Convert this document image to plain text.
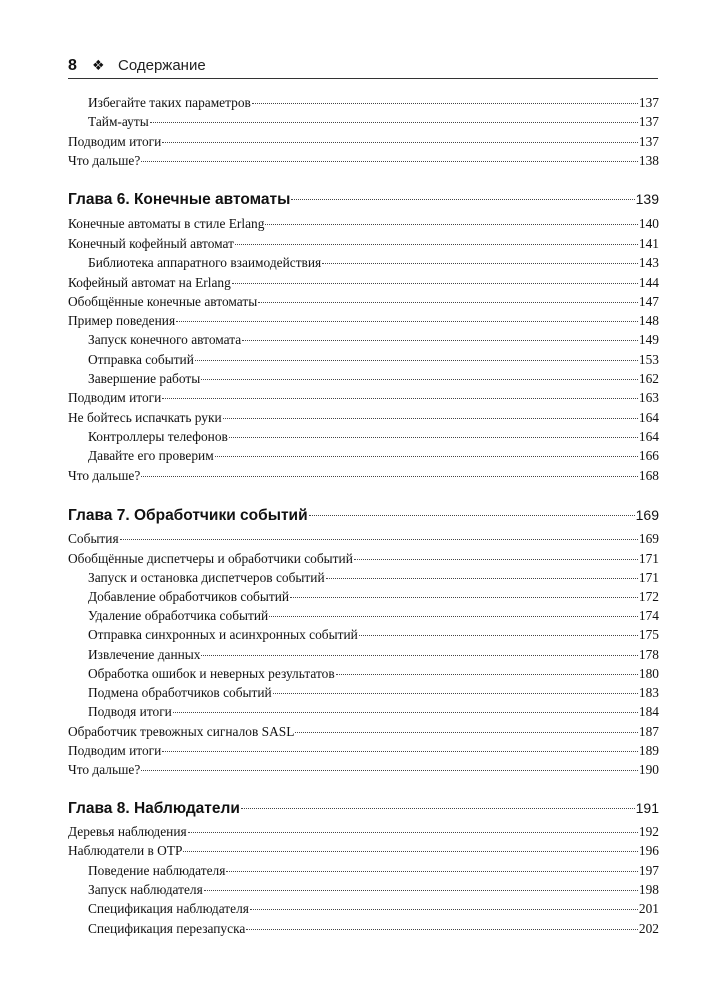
8 ❖ Содержание
Избегайте таких параметров	137
Тайм-ауты	137
Подводим итоги	137
Что дальше?	138
Глава 6. Конечные автоматы	139
Конечные автоматы в стиле Erlang	140
Конечный кофейный автомат	141
Библиотека аппаратного взаимодействия	143
Кофейный автомат на Erlang	144
Обобщённые конечные автоматы	147
Пример поведения	148
Запуск конечного автомата	149
Отправка событий	153
Завершение работы	162
Подводим итоги	163
Не бойтесь испачкать руки	164
Контроллеры телефонов	164
Давайте его проверим	166
Что дальше?	168
Глава 7. Обработчики событий	169
События	169
Обобщённые диспетчеры и обработчики событий	171
Запуск и остановка диспетчеров событий	171
Добавление обработчиков событий	172
Удаление обработчика событий	174
Отправка синхронных и асинхронных событий	175
Извлечение данных	178
Обработка ошибок и неверных результатов	180
Подмена обработчиков событий	183
Подводя итоги	184
Обработчик тревожных сигналов SASL	187
Подводим итоги	189
Что дальше?	190
Глава 8. Наблюдатели	191
Деревья наблюдения	192
Наблюдатели в OTP	196
Поведение наблюдателя	197
Запуск наблюдателя	198
Спецификация наблюдателя	201
Спецификация перезапуска	202
